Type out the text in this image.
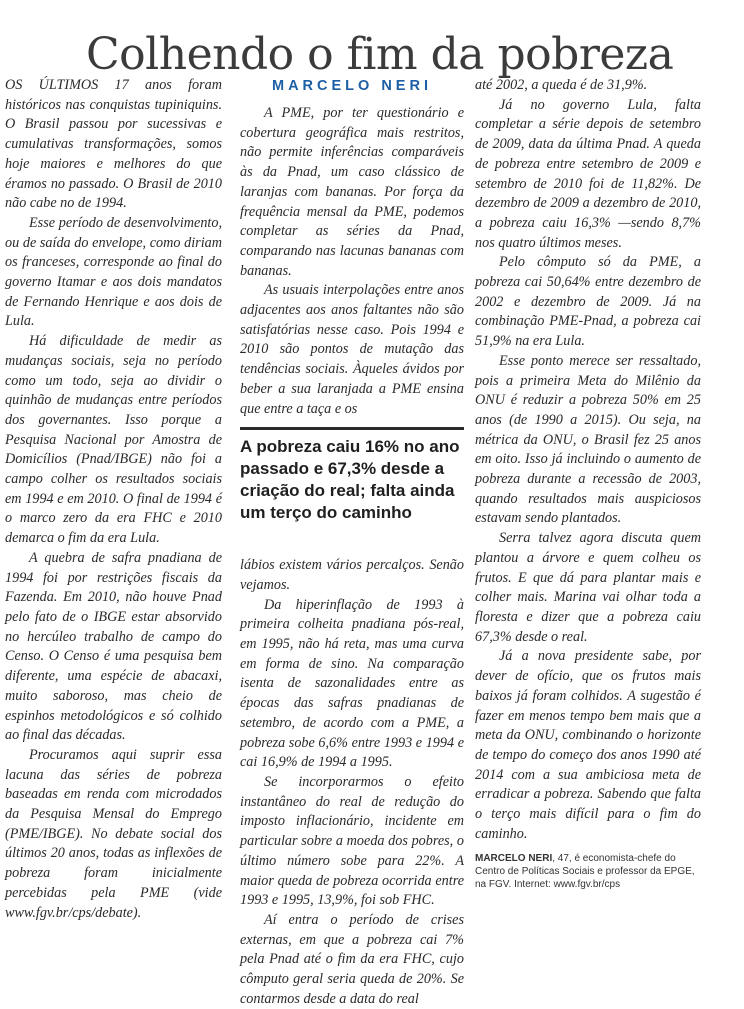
Colhendo o fim da pobreza

OS ÚLTIMOS 17 anos foram históricos nas conquistas tupiniquins. O Brasil passou por sucessivas e cumulativas transformações, somos hoje maiores e melhores do que éramos no passado. O Brasil de 2010 não cabe no de 1994.

Esse período de desenvolvimento, ou de saída do envelope, como diriam os franceses, corresponde ao final do governo Itamar e aos dois mandatos de Fernando Henrique e aos dois de Lula.

Há dificuldade de medir as mudanças sociais, seja no período como um todo, seja ao dividir o quinhão de mudanças entre períodos dos governantes. Isso porque a Pesquisa Nacional por Amostra de Domicílios (Pnad/IBGE) não foi a campo colher os resultados sociais em 1994 e em 2010. O final de 1994 é o marco zero da era FHC e 2010 demarca o fim da era Lula.

A quebra de safra pnadiana de 1994 foi por restrições fiscais da Fazenda. Em 2010, não houve Pnad pelo fato de o IBGE estar absorvido no hercúleo trabalho de campo do Censo. O Censo é uma pesquisa bem diferente, uma espécie de abacaxi, muito saboroso, mas cheio de espinhos metodológicos e só colhido ao final das décadas.

Procuramos aqui suprir essa lacuna das séries de pobreza baseadas em renda com microdados da Pesquisa Mensal do Emprego (PME/IBGE). No debate social dos últimos 20 anos, todas as inflexões de pobreza foram inicialmente percebidas pela PME (vide www.fgv.br/cps/debate).

MARCELO NERI

A PME, por ter questionário e cobertura geográfica mais restritos, não permite inferências comparáveis às da Pnad, um caso clássico de laranjas com bananas. Por força da frequência mensal da PME, podemos completar as séries da Pnad, comparando nas lacunas bananas com bananas.

As usuais interpolações entre anos adjacentes aos anos faltantes não são satisfatórias nesse caso. Pois 1994 e 2010 são pontos de mutação das tendências sociais. Àqueles ávidos por beber a sua laranjada a PME ensina que entre a taça e os

A pobreza caiu 16% no ano passado e 67,3% desde a criação do real; falta ainda um terço do caminho

lábios existem vários percalços. Senão vejamos.

Da hiperinflação de 1993 à primeira colheita pnadiana pós-real, em 1995, não há reta, mas uma curva em forma de sino. Na comparação isenta de sazonalidades entre as épocas das safras pnadianas de setembro, de acordo com a PME, a pobreza sobe 6,6% entre 1993 e 1994 e cai 16,9% de 1994 a 1995.

Se incorporarmos o efeito instantâneo do real de redução do imposto inflacionário, incidente em particular sobre a moeda dos pobres, o último número sobe para 22%. A maior queda de pobreza ocorrida entre 1993 e 1995, 13,9%, foi sob FHC.

Aí entra o período de crises externas, em que a pobreza cai 7% pela Pnad até o fim da era FHC, cujo cômputo geral seria queda de 20%. Se contarmos desde a data do real

até 2002, a queda é de 31,9%.

Já no governo Lula, falta completar a série depois de setembro de 2009, data da última Pnad. A queda de pobreza entre setembro de 2009 e setembro de 2010 foi de 11,82%. De dezembro de 2009 a dezembro de 2010, a pobreza caiu 16,3% —sendo 8,7% nos quatro últimos meses.

Pelo cômputo só da PME, a pobreza cai 50,64% entre dezembro de 2002 e dezembro de 2009. Já na combinação PME-Pnad, a pobreza cai 51,9% na era Lula.

Esse ponto merece ser ressaltado, pois a primeira Meta do Milênio da ONU é reduzir a pobreza 50% em 25 anos (de 1990 a 2015). Ou seja, na métrica da ONU, o Brasil fez 25 anos em oito. Isso já incluindo o aumento de pobreza durante a recessão de 2003, quando resultados mais auspiciosos estavam sendo plantados.

Serra talvez agora discuta quem plantou a árvore e quem colheu os frutos. E que dá para plantar mais e colher mais. Marina vai olhar toda a floresta e dizer que a pobreza caiu 67,3% desde o real.

Já a nova presidente sabe, por dever de ofício, que os frutos mais baixos já foram colhidos. A sugestão é fazer em menos tempo bem mais que a meta da ONU, combinando o horizonte de tempo do começo dos anos 1990 até 2014 com a sua ambiciosa meta de erradicar a pobreza. Sabendo que falta o terço mais difícil para o fim do caminho.

MARCELO NERI, 47, é economista-chefe do Centro de Políticas Sociais e professor da EPGE, na FGV. Internet: www.fgv.br/cps
